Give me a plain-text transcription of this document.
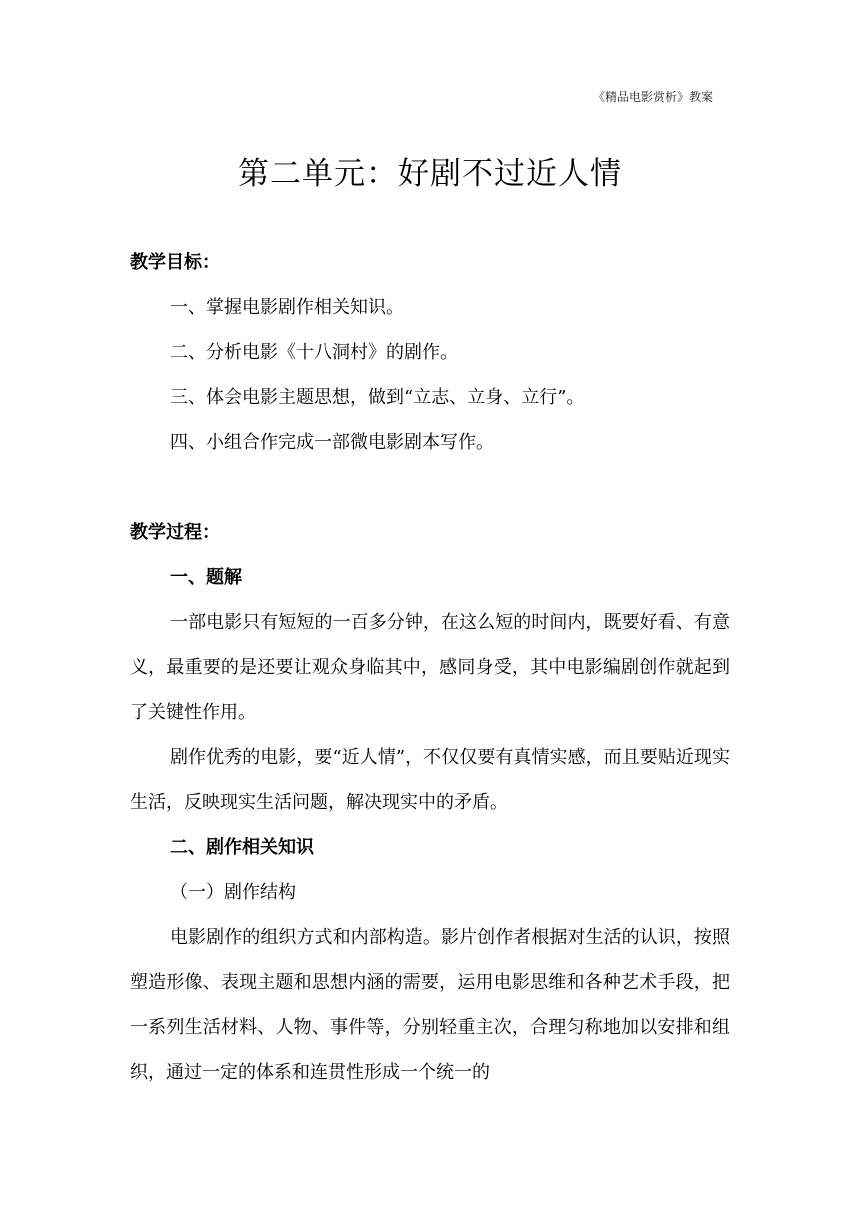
《精品电影赏析》教案
第二单元：好剧不过近人情

教学目标：

一、掌握电影剧作相关知识。

二、分析电影《十八洞村》的剧作。

三、体会电影主题思想，做到“立志、立身、立行”。

四、小组合作完成一部微电影剧本写作。

教学过程：

一、题解

一部电影只有短短的一百多分钟，在这么短的时间内，既要好看、有意义，最重要的是还要让观众身临其中，感同身受，其中电影编剧创作就起到了关键性作用。

剧作优秀的电影，要“近人情”，不仅仅要有真情实感，而且要贴近现实生活，反映现实生活问题，解决现实中的矛盾。

二、剧作相关知识

（一）剧作结构

电影剧作的组织方式和内部构造。影片创作者根据对生活的认识，按照塑造形像、表现主题和思想内涵的需要，运用电影思维和各种艺术手段，把一系列生活材料、人物、事件等，分别轻重主次，合理匀称地加以安排和组织，通过一定的体系和连贯性形成一个统一的
